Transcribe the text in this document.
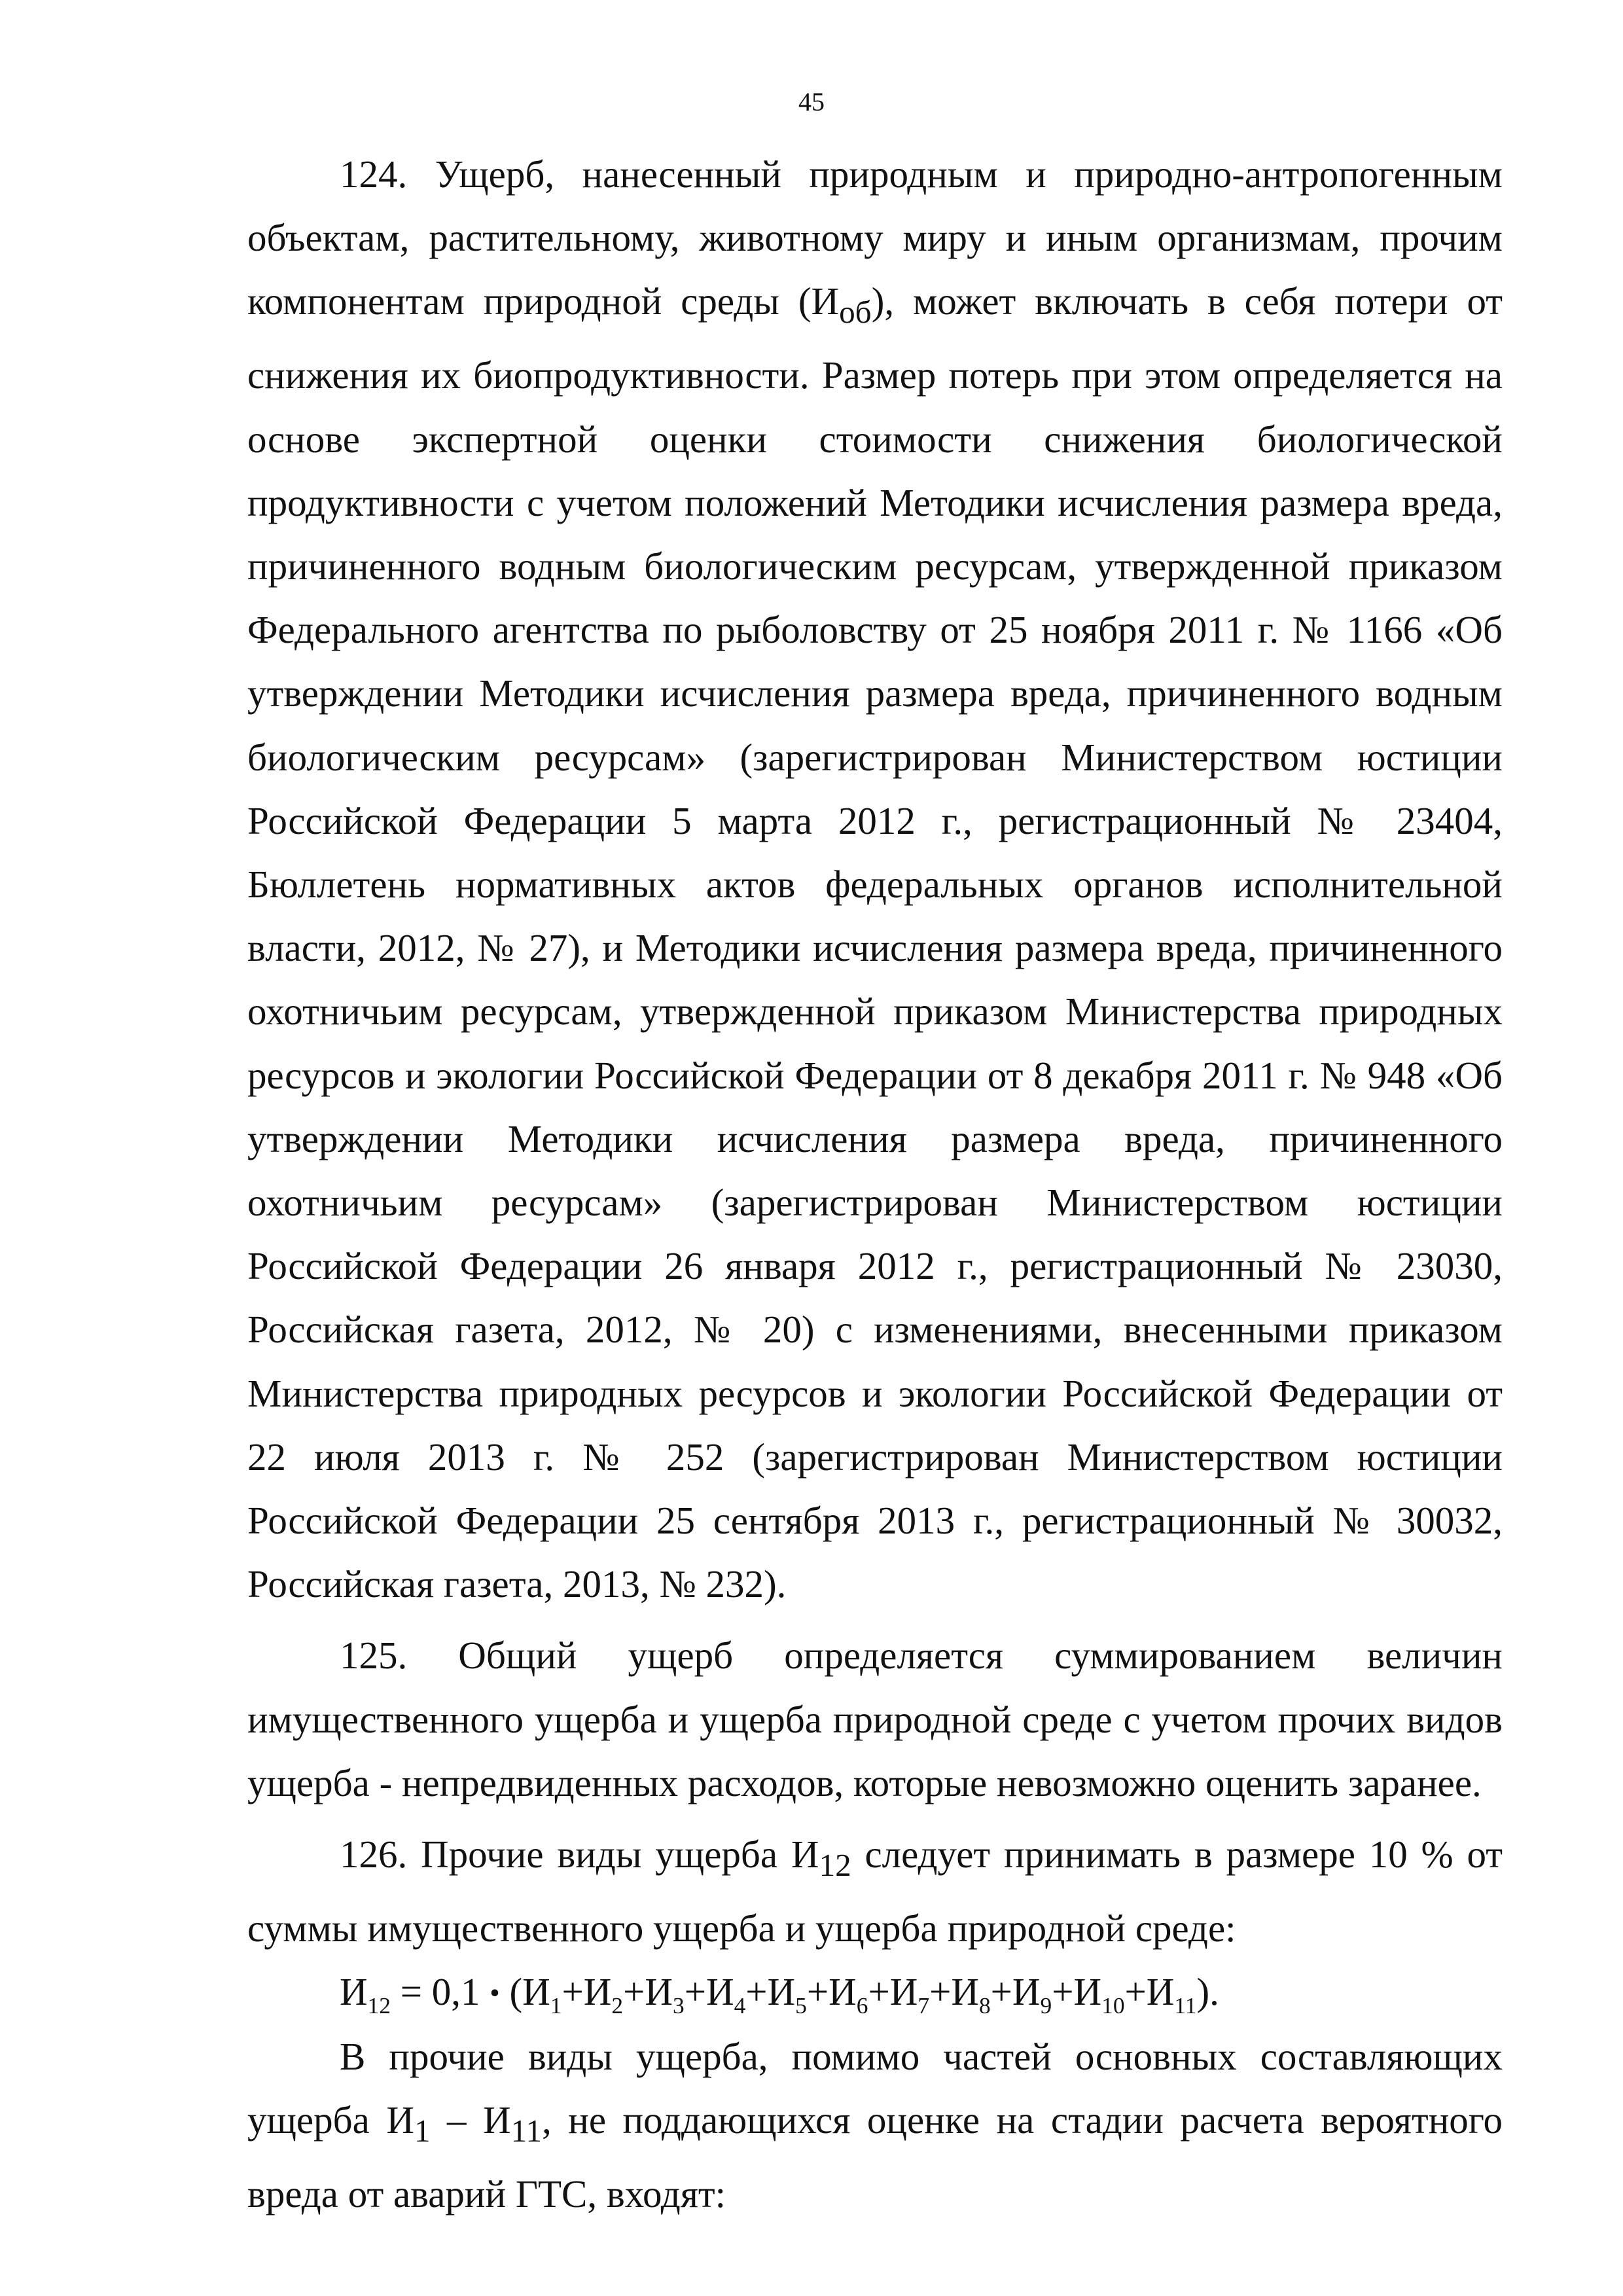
45

124. Ущерб, нанесенный природным и природно-антропогенным объектам, растительному, животному миру и иным организмам, прочим компонентам природной среды $(И_{об})$, может включать в себя потери от снижения их биопродуктивности. Размер потерь при этом определяется на основе экспертной оценки стоимости снижения биологической продуктивности с учетом положений Методики исчисления размера вреда, причиненного водным биологическим ресурсам, утвержденной приказом Федерального агентства по рыболовству от 25 ноября 2011 г. № 1166 «Об утверждении Методики исчисления размера вреда, причиненного водным биологическим ресурсам» (зарегистрирован Министерством юстиции Российской Федерации 5 марта 2012 г., регистрационный № 23404, Бюллетень нормативных актов федеральных органов исполнительной власти, 2012, № 27), и Методики исчисления размера вреда, причиненного охотничьим ресурсам, утвержденной приказом Министерства природных ресурсов и экологии Российской Федерации от 8 декабря 2011 г. № 948 «Об утверждении Методики исчисления размера вреда, причиненного охотничьим ресурсам» (зарегистрирован Министерством юстиции Российской Федерации 26 января 2012 г., регистрационный № 23030, Российская газета, 2012, № 20) с изменениями, внесенными приказом Министерства природных ресурсов и экологии Российской Федерации от 22 июля 2013 г. № 252 (зарегистрирован Министерством юстиции Российской Федерации 25 сентября 2013 г., регистрационный № 30032, Российская газета, 2013, № 232).

125. Общий ущерб определяется суммированием величин имущественного ущерба и ущерба природной среде с учетом прочих видов ущерба - непредвиденных расходов, которые невозможно оценить заранее.

126. Прочие виды ущерба $И_{12}$ следует принимать в размере 10 % от суммы имущественного ущерба и ущерба природной среде:

$И_{12} = 0,1$ • $(И_1+И_2+И_3+И_4+И_5+И_6+И_7+И_8+И_9+И_{10}+И_{11})$.

В прочие виды ущерба, помимо частей основных составляющих ущерба $И_1 - И_{11}$, не поддающихся оценке на стадии расчета вероятного вреда от аварий ГТС, входят:
